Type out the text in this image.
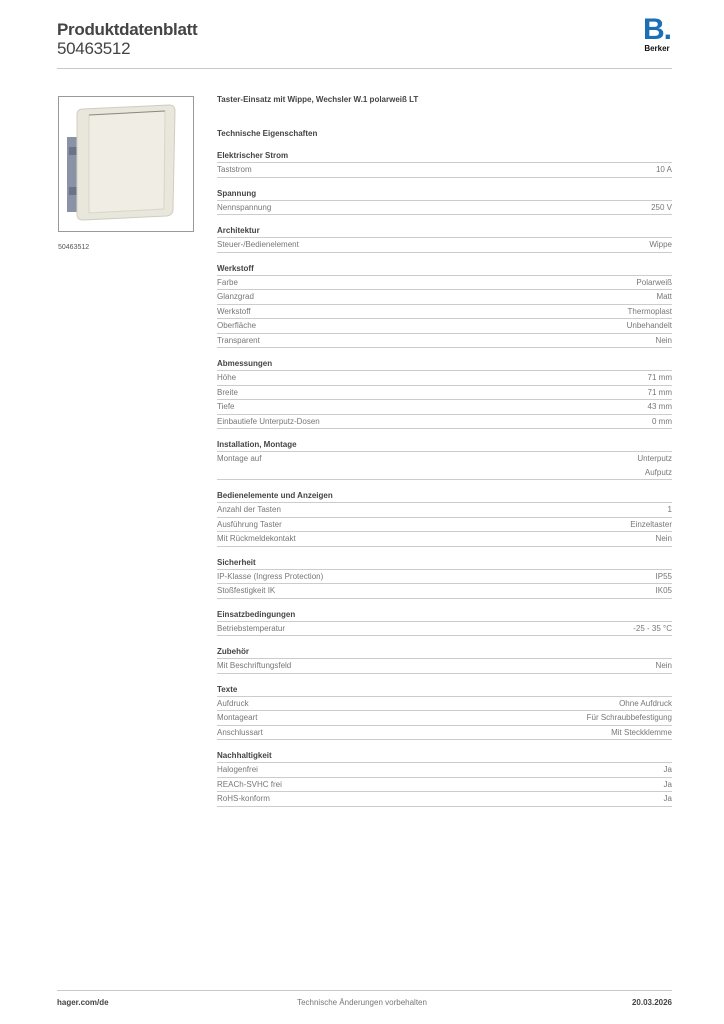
Produktdatenblatt
50463512
B.
Berker
50463512
Taster-Einsatz mit Wippe, Wechsler W.1 polarweiß LT
Technische Eigenschaften
Elektrischer Strom
Taststrom	10 A
Spannung
Nennspannung	250 V
Architektur
Steuer-/Bedienelement	Wippe
Werkstoff
Farbe	Polarweiß
Glanzgrad	Matt
Werkstoff	Thermoplast
Oberfläche	Unbehandelt
Transparent	Nein
Abmessungen
Höhe	71 mm
Breite	71 mm
Tiefe	43 mm
Einbautiefe Unterputz-Dosen	0 mm
Installation, Montage
Montage auf	Unterputz
Aufputz
Bedienelemente und Anzeigen
Anzahl der Tasten	1
Ausführung Taster	Einzeltaster
Mit Rückmeldekontakt	Nein
Sicherheit
IP-Klasse (Ingress Protection)	IP55
Stoßfestigkeit IK	IK05
Einsatzbedingungen
Betriebstemperatur	-25 - 35 °C
Zubehör
Mit Beschriftungsfeld	Nein
Texte
Aufdruck	Ohne Aufdruck
Montageart	Für Schraubbefestigung
Anschlussart	Mit Steckklemme
Nachhaltigkeit
Halogenfrei	Ja
REACh-SVHC frei	Ja
RoHS-konform	Ja
hager.com/de	Technische Änderungen vorbehalten	20.03.2026
